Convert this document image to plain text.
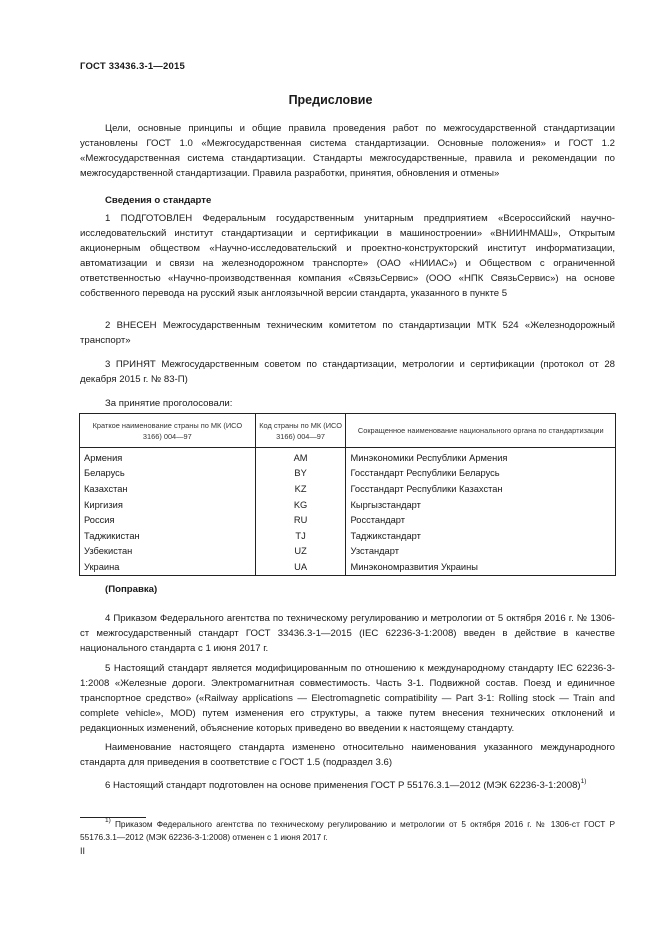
ГОСТ 33436.3-1—2015
Предисловие
Цели, основные принципы и общие правила проведения работ по межгосударственной стандартизации установлены ГОСТ 1.0 «Межгосударственная система стандартизации. Основные положения» и ГОСТ 1.2 «Межгосударственная система стандартизации. Стандарты межгосударственные, правила и рекомендации по межгосударственной стандартизации. Правила разработки, принятия, обновления и отмены»
Сведения о стандарте
1 ПОДГОТОВЛЕН Федеральным государственным унитарным предприятием «Всероссийский научно-исследовательский институт стандартизации и сертификации в машиностроении» «ВНИИНМАШ», Открытым акционерным обществом «Научно-исследовательский и проектно-конструкторский институт информатизации, автоматизации и связи на железнодорожном транспорте» (ОАО «НИИАС») и Обществом с ограниченной ответственностью «Научно-производственная компания «СвязьСервис» (ООО «НПК СвязьСервис») на основе собственного перевода на русский язык англоязычной версии стандарта, указанного в пункте 5
2 ВНЕСЕН Межгосударственным техническим комитетом по стандартизации МТК 524 «Железнодорожный транспорт»
3 ПРИНЯТ Межгосударственным советом по стандартизации, метрологии и сертификации (протокол от 28 декабря 2015 г. № 83-П)
За принятие проголосовали:
Краткое наименование страны по МК (ИСО 3166) 004—97	Код страны по МК (ИСО 3166) 004—97	Сокращенное наименование национального органа по стандартизации
Армения	AM	Минэкономики Республики Армения
Беларусь	BY	Госстандарт Республики Беларусь
Казахстан	KZ	Госстандарт Республики Казахстан
Киргизия	KG	Кыргызстандарт
Россия	RU	Росстандарт
Таджикистан	TJ	Таджикстандарт
Узбекистан	UZ	Узстандарт
Украина	UA	Минэкономразвития Украины
(Поправка)
4 Приказом Федерального агентства по техническому регулированию и метрологии от 5 октября 2016 г. № 1306-ст межгосударственный стандарт ГОСТ 33436.3-1—2015 (IEC 62236-3-1:2008) введен в действие в качестве национального стандарта с 1 июня 2017 г.
5 Настоящий стандарт является модифицированным по отношению к международному стандарту IEC 62236-3-1:2008 «Железные дороги. Электромагнитная совместимость. Часть 3-1. Подвижной состав. Поезд и единичное транспортное средство» («Railway applications — Electromagnetic compatibility — Part 3-1: Rolling stock — Train and complete vehicle», MOD) путем изменения его структуры, а также путем внесения технических отклонений и редакционных изменений, объяснение которых приведено во введении к настоящему стандарту.
Наименование настоящего стандарта изменено относительно наименования указанного международного стандарта для приведения в соответствие с ГОСТ 1.5 (подраздел 3.6)
6 Настоящий стандарт подготовлен на основе применения ГОСТ Р 55176.3.1—2012 (МЭК 62236-3-1:2008)$^{1)}$
$^{1)}$ Приказом Федерального агентства по техническому регулированию и метрологии от 5 октября 2016 г. № 1306-ст ГОСТ Р 55176.3.1—2012 (МЭК 62236-3-1:2008) отменен с 1 июня 2017 г.
II
